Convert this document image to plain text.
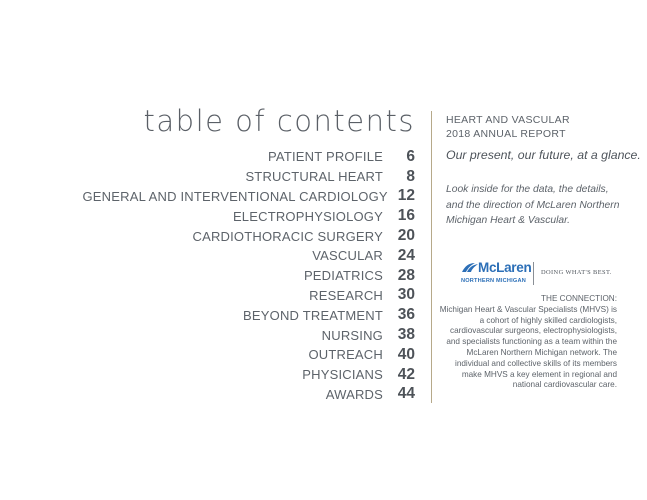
table of contents
PATIENT PROFILE	6
STRUCTURAL HEART	8
GENERAL AND INTERVENTIONAL CARDIOLOGY 12
ELECTROPHYSIOLOGY 16
CARDIOTHORACIC SURGERY 20
VASCULAR 24
PEDIATRICS 28
RESEARCH 30
BEYOND TREATMENT 36
NURSING 38
OUTREACH 40
PHYSICIANS 42
AWARDS 44
HEART AND VASCULAR
2018 ANNUAL REPORT
Our present, our future, at a glance.
Look inside for the data, the details, and the direction of McLaren Northern Michigan Heart & Vascular.
McLaren
NORTHERN MICHIGAN
DOING WHAT'S BEST.
THE CONNECTION:
Michigan Heart & Vascular Specialists (MHVS) is a cohort of highly skilled cardiologists, cardiovascular surgeons, electrophysiologists, and specialists functioning as a team within the McLaren Northern Michigan network. The individual and collective skills of its members make MHVS a key element in regional and national cardiovascular care.
